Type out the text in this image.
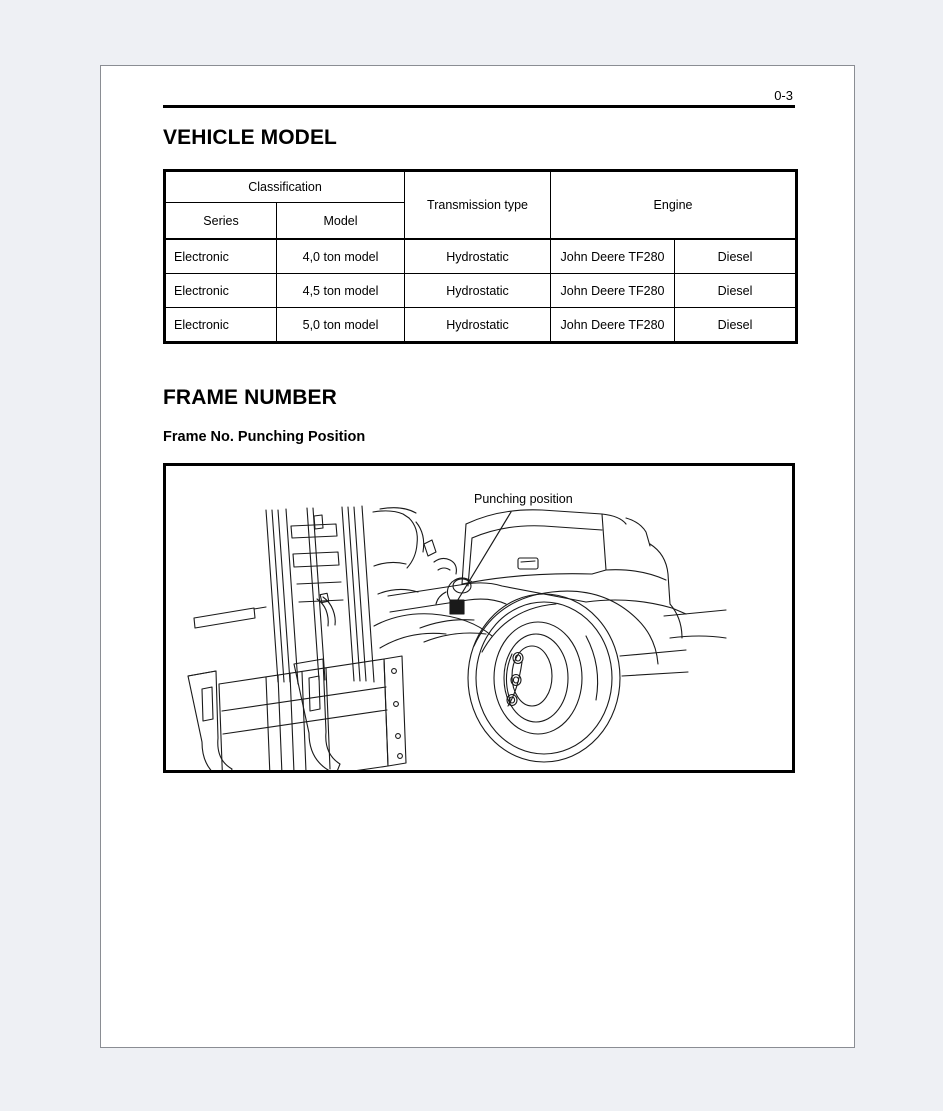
0-3
VEHICLE MODEL
Classification		Transmission type	Engine	
Series	Model			
Electronic	4,0 ton model	Hydrostatic	John Deere TF280	Diesel
Electronic	4,5 ton model	Hydrostatic	John Deere TF280	Diesel
Electronic	5,0 ton model	Hydrostatic	John Deere TF280	Diesel
FRAME NUMBER
Frame No. Punching Position
Punching position
